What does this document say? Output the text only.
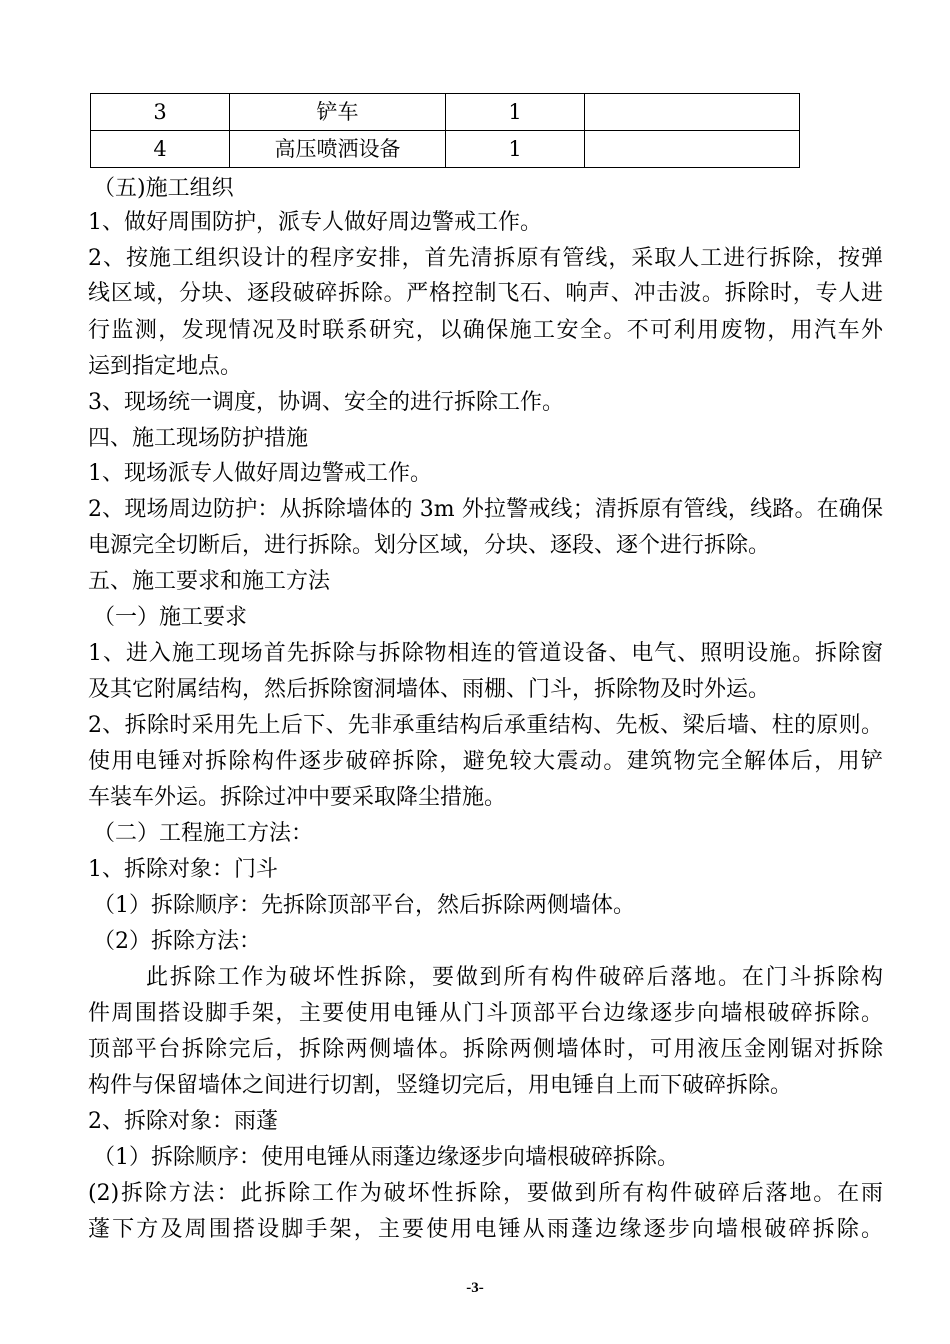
3	铲车	1	
4	高压喷洒设备	1	
（五)施工组织
1、做好周围防护，派专人做好周边警戒工作。
2、按施工组织设计的程序安排，首先清拆原有管线，采取人工进行拆除，按弹
线区域，分块、逐段破碎拆除。严格控制飞石、响声、冲击波。拆除时，专人进
行监测，发现情况及时联系研究，以确保施工安全。不可利用废物，用汽车外
运到指定地点。
3、现场统一调度，协调、安全的进行拆除工作。
四、施工现场防护措施
1、现场派专人做好周边警戒工作。
2、现场周边防护：从拆除墙体的 3m 外拉警戒线；清拆原有管线，线路。在确保
电源完全切断后，进行拆除。划分区域，分块、逐段、逐个进行拆除。
五、施工要求和施工方法
（一）施工要求
1、进入施工现场首先拆除与拆除物相连的管道设备、电气、照明设施。拆除窗
及其它附属结构，然后拆除窗洞墙体、雨棚、门斗，拆除物及时外运。
2、拆除时采用先上后下、先非承重结构后承重结构、先板、梁后墙、柱的原则。
使用电锤对拆除构件逐步破碎拆除，避免较大震动。建筑物完全解体后，用铲
车装车外运。拆除过冲中要采取降尘措施。
（二）工程施工方法：
1、拆除对象：门斗
（1）拆除顺序：先拆除顶部平台，然后拆除两侧墙体。
（2）拆除方法：
此拆除工作为破坏性拆除，要做到所有构件破碎后落地。在门斗拆除构
件周围搭设脚手架，主要使用电锤从门斗顶部平台边缘逐步向墙根破碎拆除。
顶部平台拆除完后，拆除两侧墙体。拆除两侧墙体时，可用液压金刚锯对拆除
构件与保留墙体之间进行切割，竖缝切完后，用电锤自上而下破碎拆除。
2、拆除对象：雨蓬
（1）拆除顺序：使用电锤从雨蓬边缘逐步向墙根破碎拆除。
(2)拆除方法：此拆除工作为破坏性拆除，要做到所有构件破碎后落地。在雨
蓬下方及周围搭设脚手架，主要使用电锤从雨蓬边缘逐步向墙根破碎拆除。
-3-
